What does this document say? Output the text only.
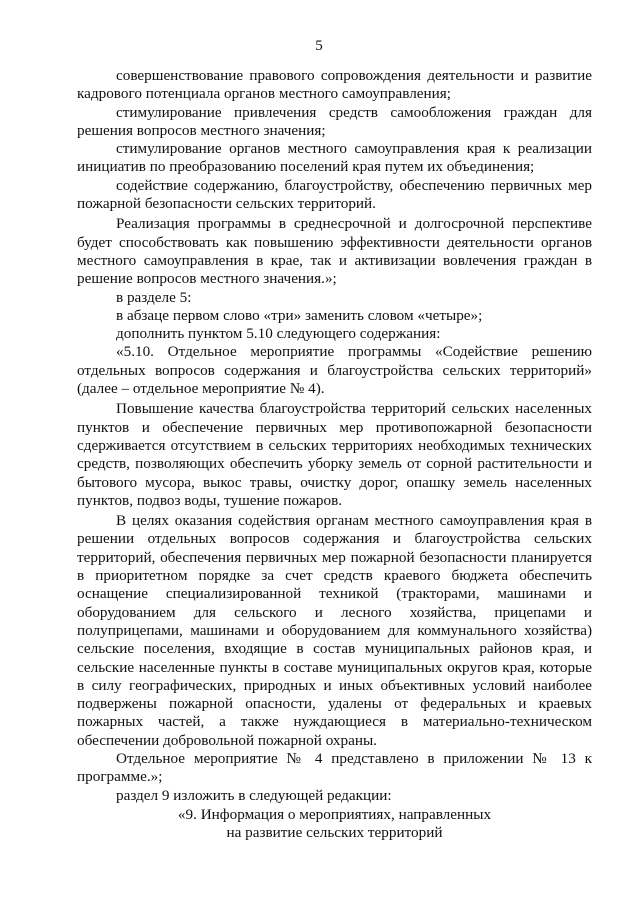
5

совершенствование правового сопровождения деятельности и развитие кадрового потенциала органов местного самоуправления;

стимулирование привлечения средств самообложения граждан для решения вопросов местного значения;

стимулирование органов местного самоуправления края к реализации инициатив по преобразованию поселений края путем их объединения;

содействие содержанию, благоустройству, обеспечению первичных мер пожарной безопасности сельских территорий.

Реализация программы в среднесрочной и долгосрочной перспективе будет способствовать как повышению эффективности деятельности органов местного самоуправления в крае, так и активизации вовлечения граждан в решение вопросов местного значения.»;

в разделе 5:

в абзаце первом слово «три» заменить словом «четыре»;

дополнить пунктом 5.10 следующего содержания:

«5.10. Отдельное мероприятие программы «Содействие решению отдельных вопросов содержания и благоустройства сельских территорий» (далее – отдельное мероприятие № 4).

Повышение качества благоустройства территорий сельских населенных пунктов и обеспечение первичных мер противопожарной безопасности сдерживается отсутствием в сельских территориях необходимых технических средств, позволяющих обеспечить уборку земель от сорной растительности и бытового мусора, выкос травы, очистку дорог, опашку земель населенных пунктов, подвоз воды, тушение пожаров.

В целях оказания содействия органам местного самоуправления края в решении отдельных вопросов содержания и благоустройства сельских территорий, обеспечения первичных мер пожарной безопасности планируется в приоритетном порядке за счет средств краевого бюджета обеспечить оснащение специализированной техникой (тракторами, машинами и оборудованием для сельского и лесного хозяйства, прицепами и полуприцепами, машинами и оборудованием для коммунального хозяйства) сельские поселения, входящие в состав муниципальных районов края, и сельские населенные пункты в составе муниципальных округов края, которые в силу географических, природных и иных объективных условий наиболее подвержены пожарной опасности, удалены от федеральных и краевых пожарных частей, а также нуждающиеся в материально-техническом обеспечении добровольной пожарной охраны.

Отдельное мероприятие № 4 представлено в приложении № 13 к программе.»;

раздел 9 изложить в следующей редакции:

«9. Информация о мероприятиях, направленных
на развитие сельских территорий
